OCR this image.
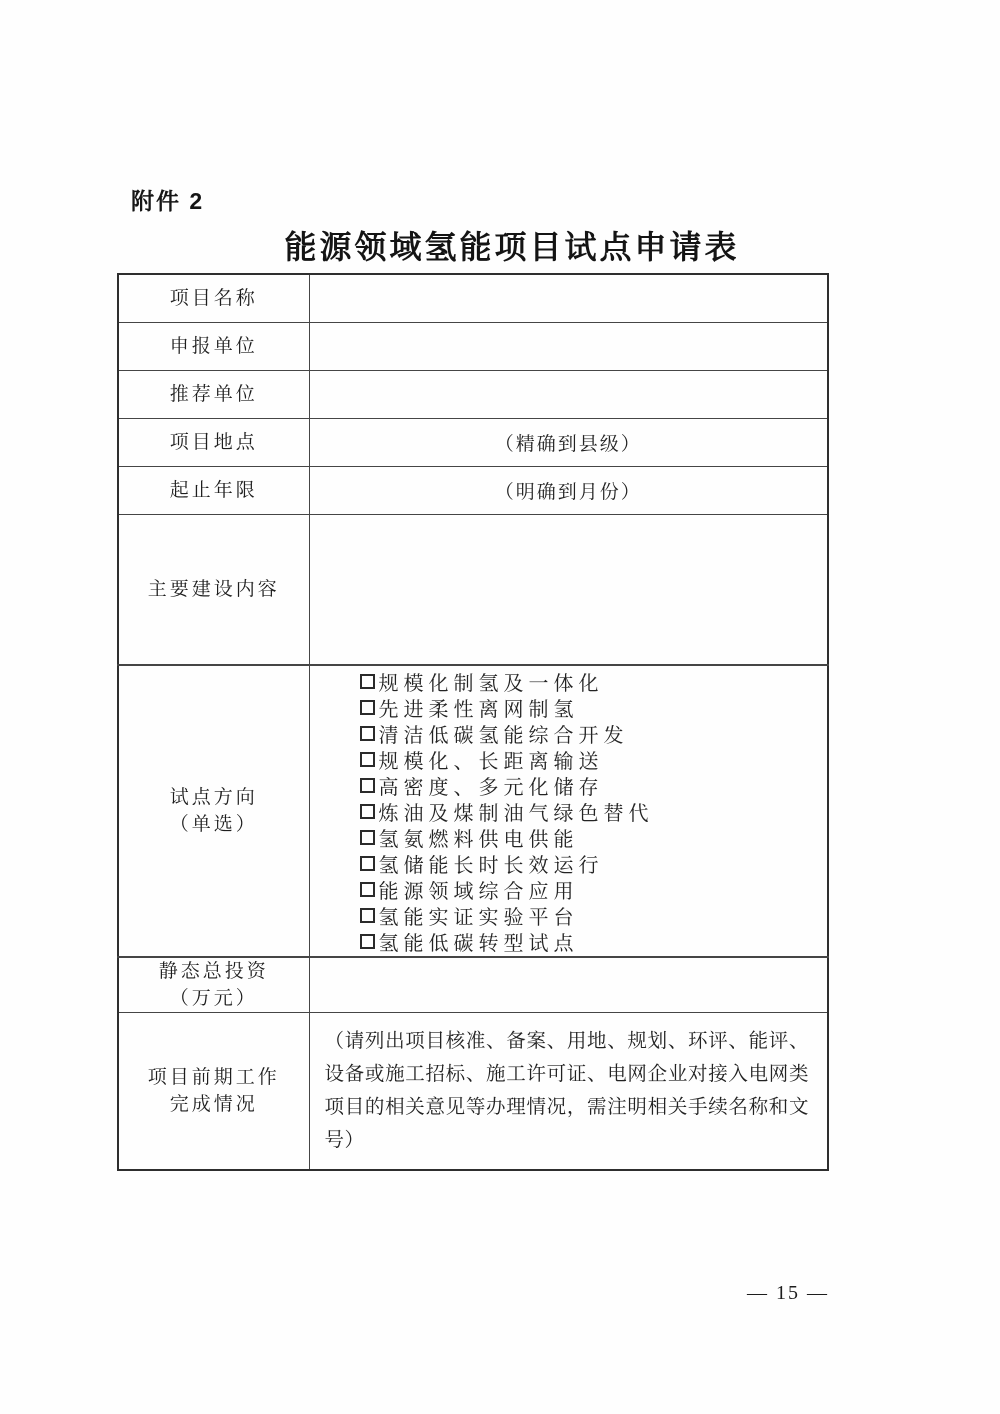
附件 2
能源领域氢能项目试点申请表
项目名称	
申报单位	
推荐单位	
项目地点	（精确到县级）
起止年限	（明确到月份）
主要建设内容	

试点方向
（单选）

规模化制氢及一体化
先进柔性离网制氢
清洁低碳氢能综合开发
规模化、长距离输送
高密度、多元化储存
炼油及煤制油气绿色替代
氢氨燃料供电供能
氢储能长时长效运行
能源领域综合应用
氢能实证实验平台
氢能低碳转型试点

静态总投资
（万元）	

项目前期工作
完成情况	（请列出项目核准、备案、用地、规划、环评、能评、设备或施工招标、施工许可证、电网企业对接入电网类项目的相关意见等办理情况，需注明相关手续名称和文号）
— 15 —
